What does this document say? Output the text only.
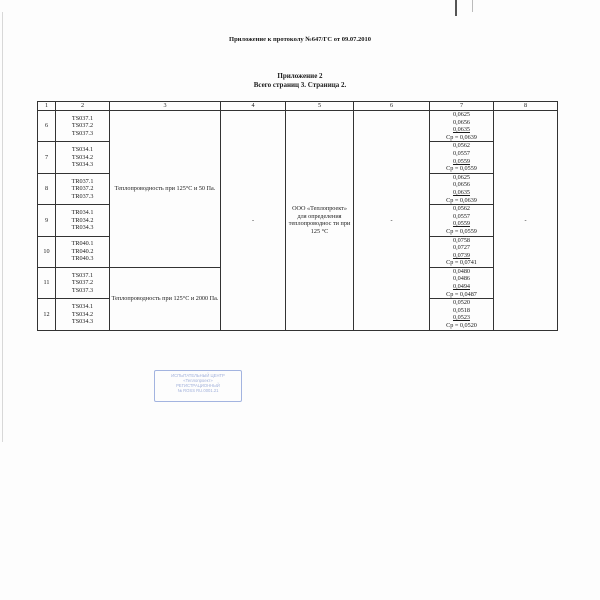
Приложение к протоколу №647/ГС от 09.07.2010
Приложение 2
Всего страниц 3. Страница 2.
1	2	3	4	5	6	7	8
6	TS037.1
TS037.2
TS037.3	Теплопроводность при 125°С и 50 Па.	-	ООО «Теплопроект» для определения теплопроводнос ти при 125 °С	-	0,0625
0,0656
0,0635
Ср = 0,0639	-

7	TS034.1
TS034.2
TS034.3					0,0562
0,0557
0,0559
Ср = 0,0559	

8	TR037.1
TR037.2
TR037.3					0,0625
0,0656
0,0635
Ср = 0,0639	

9	TR034.1
TR034.2
TR034.3					0,0562
0,0557
0,0559
Ср = 0,0559	

10	TR040.1
TR040.2
TR040.3					0,0758
0,0727
0,0739
Ср = 0,0741	

11	TS037.1
TS037.2
TS037.3	Теплопроводность при 125°С и 2000 Па.				0,0480
0,0486
0,0494
Ср = 0,0487	

12	TS034.1
TS034.2
TS034.3					0,0520
0,0518
0,0523
Ср = 0,0520	
ИСПЫТАТЕЛЬНЫЙ ЦЕНТР
«Теплопроект»
РЕГИСТРАЦИОННЫЙ
№ ROSS RU.0001.21
